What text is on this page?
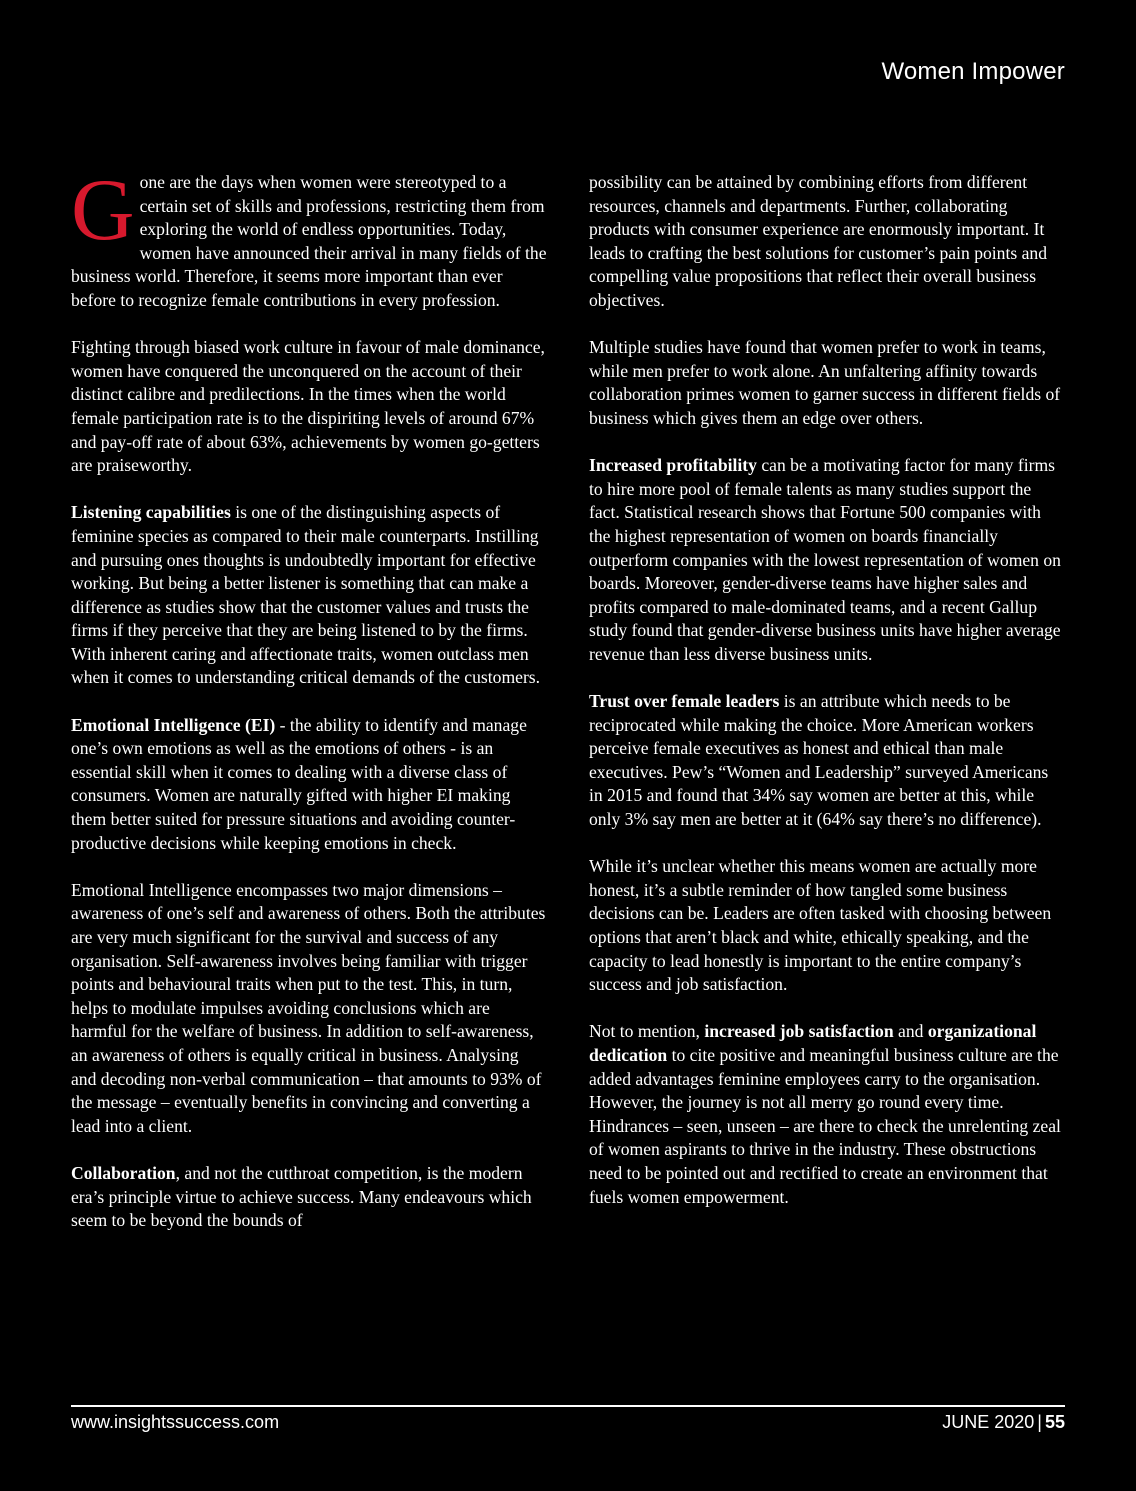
Women Impower

Gone are the days when women were stereotyped to a certain set of skills and professions, restricting them from exploring the world of endless opportunities. Today, women have announced their arrival in many fields of the business world. Therefore, it seems more important than ever before to recognize female contributions in every profession.

Fighting through biased work culture in favour of male dominance, women have conquered the unconquered on the account of their distinct calibre and predilections. In the times when the world female participation rate is to the dispiriting levels of around 67% and pay-off rate of about 63%, achievements by women go-getters are praiseworthy.

Listening capabilities is one of the distinguishing aspects of feminine species as compared to their male counterparts. Instilling and pursuing ones thoughts is undoubtedly important for effective working. But being a better listener is something that can make a difference as studies show that the customer values and trusts the firms if they perceive that they are being listened to by the firms. With inherent caring and affectionate traits, women outclass men when it comes to understanding critical demands of the customers.

Emotional Intelligence (EI) - the ability to identify and manage one’s own emotions as well as the emotions of others - is an essential skill when it comes to dealing with a diverse class of consumers. Women are naturally gifted with higher EI making them better suited for pressure situations and avoiding counter-productive decisions while keeping emotions in check.

Emotional Intelligence encompasses two major dimensions – awareness of one’s self and awareness of others. Both the attributes are very much significant for the survival and success of any organisation. Self-awareness involves being familiar with trigger points and behavioural traits when put to the test. This, in turn, helps to modulate impulses avoiding conclusions which are harmful for the welfare of business. In addition to self-awareness, an awareness of others is equally critical in business. Analysing and decoding non-verbal communication – that amounts to 93% of the message – eventually benefits in convincing and converting a lead into a client.

Collaboration, and not the cutthroat competition, is the modern era’s principle virtue to achieve success. Many endeavours which seem to be beyond the bounds of

possibility can be attained by combining efforts from different resources, channels and departments. Further, collaborating products with consumer experience are enormously important. It leads to crafting the best solutions for customer’s pain points and compelling value propositions that reflect their overall business objectives.

Multiple studies have found that women prefer to work in teams, while men prefer to work alone. An unfaltering affinity towards collaboration primes women to garner success in different fields of business which gives them an edge over others.

Increased profitability can be a motivating factor for many firms to hire more pool of female talents as many studies support the fact. Statistical research shows that Fortune 500 companies with the highest representation of women on boards financially outperform companies with the lowest representation of women on boards. Moreover, gender-diverse teams have higher sales and profits compared to male-dominated teams, and a recent Gallup study found that gender-diverse business units have higher average revenue than less diverse business units.

Trust over female leaders is an attribute which needs to be reciprocated while making the choice. More American workers perceive female executives as honest and ethical than male executives. Pew’s “Women and Leadership” surveyed Americans in 2015 and found that 34% say women are better at this, while only 3% say men are better at it (64% say there’s no difference).

While it’s unclear whether this means women are actually more honest, it’s a subtle reminder of how tangled some business decisions can be. Leaders are often tasked with choosing between options that aren’t black and white, ethically speaking, and the capacity to lead honestly is important to the entire company’s success and job satisfaction.

Not to mention, increased job satisfaction and organizational dedication to cite positive and meaningful business culture are the added advantages feminine employees carry to the organisation.

However, the journey is not all merry go round every time. Hindrances – seen, unseen – are there to check the unrelenting zeal of women aspirants to thrive in the industry. These obstructions need to be pointed out and rectified to create an environment that fuels women empowerment.

www.insightssuccess.com	JUNE 2020 | 55
